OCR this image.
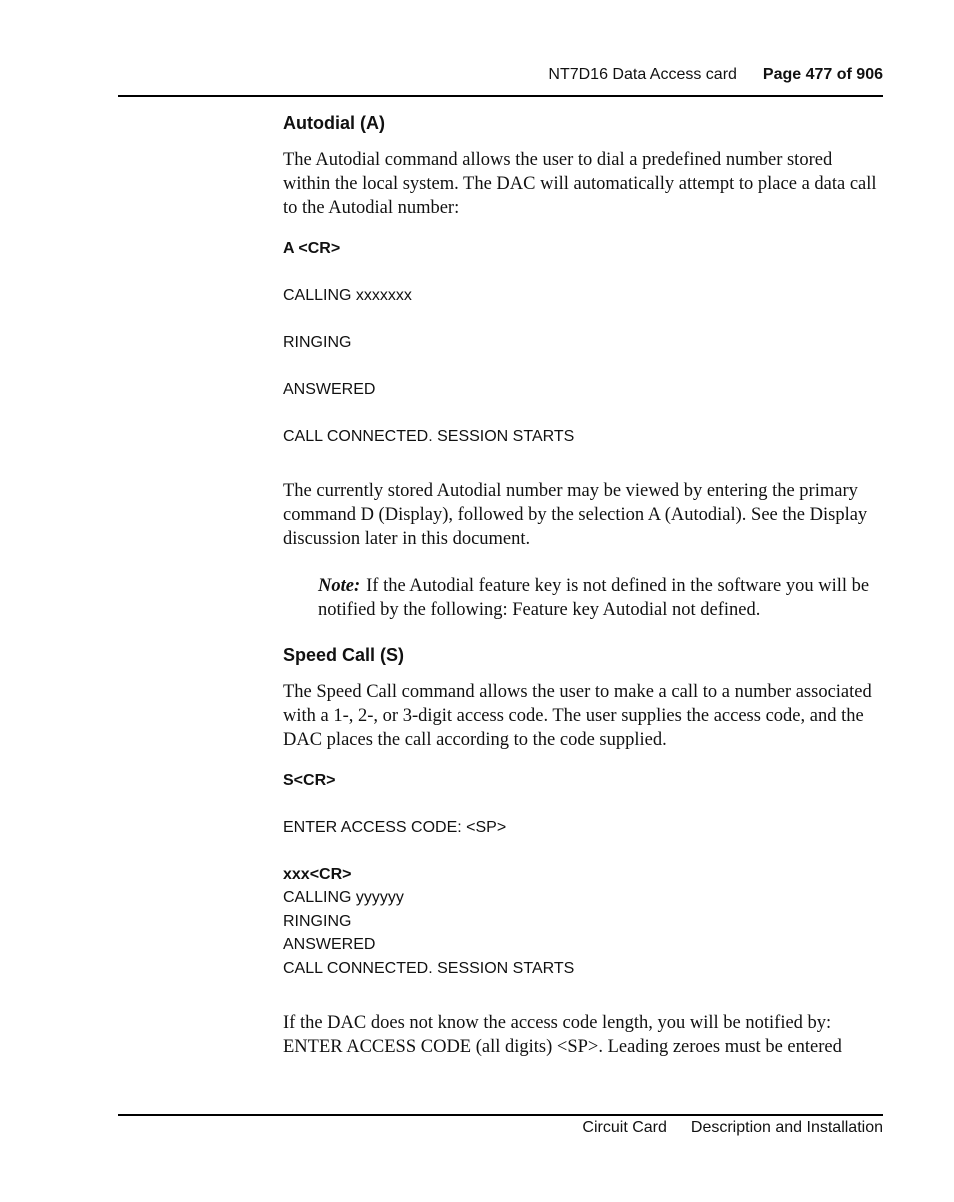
NT7D16 Data Access card Page 477 of 906
Autodial (A)
The Autodial command allows the user to dial a predefined number stored within the local system. The DAC will automatically attempt to place a data call to the Autodial number:
A <CR>
CALLING xxxxxxx
RINGING
ANSWERED
CALL CONNECTED. SESSION STARTS
The currently stored Autodial number may be viewed by entering the primary command D (Display), followed by the selection A (Autodial). See the Display discussion later in this document.
Note: If the Autodial feature key is not defined in the software you will be notified by the following: Feature key Autodial not defined.
Speed Call (S)
The Speed Call command allows the user to make a call to a number associated with a 1-, 2-, or 3-digit access code. The user supplies the access code, and the DAC places the call according to the code supplied.
S<CR>
ENTER ACCESS CODE: <SP>
xxx<CR>
CALLING yyyyyy
RINGING
ANSWERED
CALL CONNECTED. SESSION STARTS
If the DAC does not know the access code length, you will be notified by: ENTER ACCESS CODE (all digits) <SP>. Leading zeroes must be entered
Circuit Card Description and Installation
